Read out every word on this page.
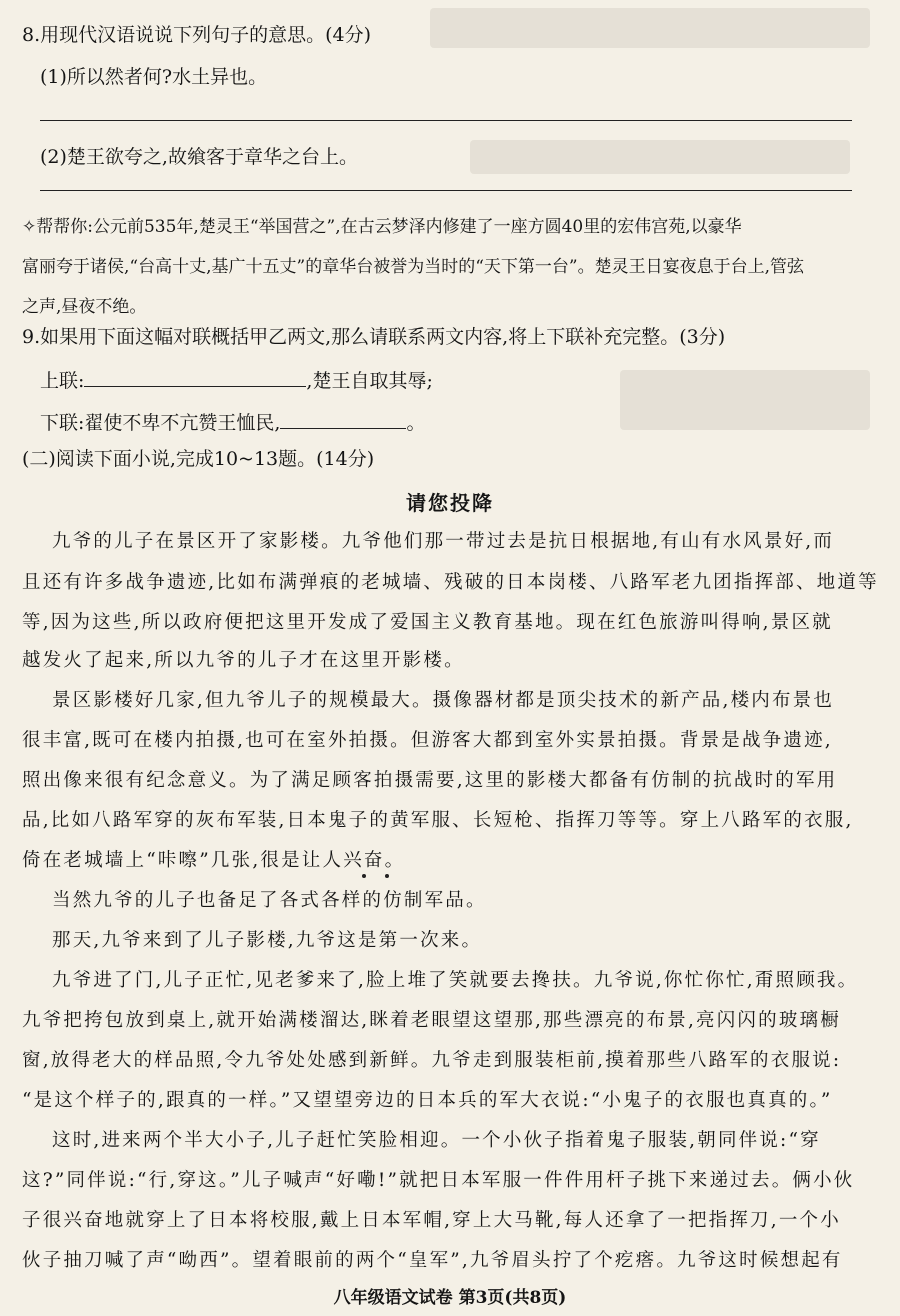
8.用现代汉语说说下列句子的意思。(4分)
(1)所以然者何?水土异也。
(2)楚王欲夸之,故飨客于章华之台上。
✧帮帮你:公元前535年,楚灵王“举国营之”,在古云梦泽内修建了一座方圆40里的宏伟宫苑,以豪华
富丽夸于诸侯,“台高十丈,基广十五丈”的章华台被誉为当时的“天下第一台”。楚灵王日宴夜息于台上,管弦
之声,昼夜不绝。
9.如果用下面这幅对联概括甲乙两文,那么请联系两文内容,将上下联补充完整。(3分)
上联:	,楚王自取其辱;
下联:翟使不卑不亢赞王恤民,	。
(二)阅读下面小说,完成10~13题。(14分)
请您投降
九爷的儿子在景区开了家影楼。九爷他们那一带过去是抗日根据地,有山有水风景好,而
且还有许多战争遗迹,比如布满弹痕的老城墙、残破的日本岗楼、八路军老九团指挥部、地道等
等,因为这些,所以政府便把这里开发成了爱国主义教育基地。现在红色旅游叫得响,景区就
越发火了起来,所以九爷的儿子才在这里开影楼。
景区影楼好几家,但九爷儿子的规模最大。摄像器材都是顶尖技术的新产品,楼内布景也
很丰富,既可在楼内拍摄,也可在室外拍摄。但游客大都到室外实景拍摄。背景是战争遗迹,
照出像来很有纪念意义。为了满足顾客拍摄需要,这里的影楼大都备有仿制的抗战时的军用
品,比如八路军穿的灰布军装,日本鬼子的黄军服、长短枪、指挥刀等等。穿上八路军的衣服,
倚在老城墙上“咔嚓”几张,很是让人兴奋。
当然九爷的儿子也备足了各式各样的仿制军品。
那天,九爷来到了儿子影楼,九爷这是第一次来。
九爷进了门,儿子正忙,见老爹来了,脸上堆了笑就要去搀扶。九爷说,你忙你忙,甭照顾我。
九爷把挎包放到桌上,就开始满楼溜达,眯着老眼望这望那,那些漂亮的布景,亮闪闪的玻璃橱
窗,放得老大的样品照,令九爷处处感到新鲜。九爷走到服装柜前,摸着那些八路军的衣服说:
“是这个样子的,跟真的一样。”又望望旁边的日本兵的军大衣说:“小鬼子的衣服也真真的。”
这时,进来两个半大小子,儿子赶忙笑脸相迎。一个小伙子指着鬼子服装,朝同伴说:“穿
这?”同伴说:“行,穿这。”儿子喊声“好嘞!”就把日本军服一件件用杆子挑下来递过去。俩小伙
子很兴奋地就穿上了日本将校服,戴上日本军帽,穿上大马靴,每人还拿了一把指挥刀,一个小
伙子抽刀喊了声“呦西”。望着眼前的两个“皇军”,九爷眉头拧了个疙瘩。九爷这时候想起有
八年级语文试卷 第3页(共8页)
